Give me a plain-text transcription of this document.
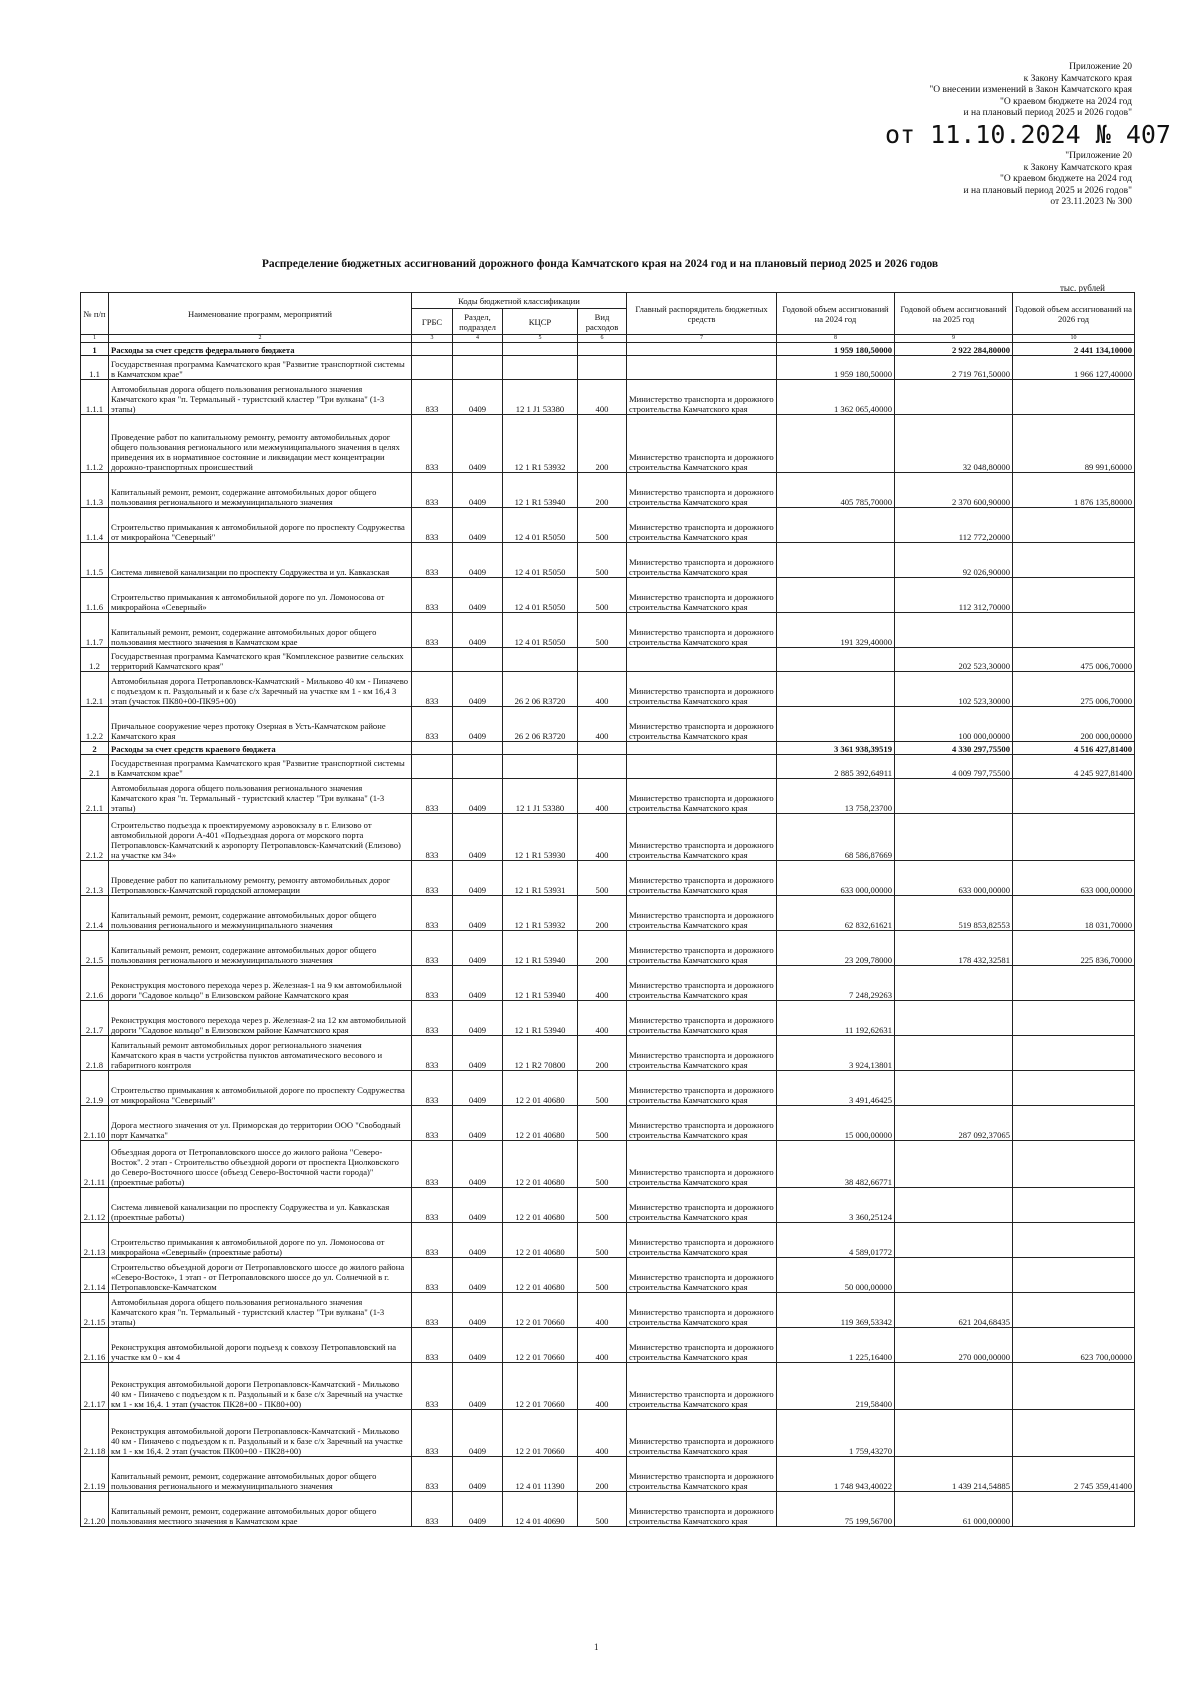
Приложение 20
к Закону Камчатского края
"О внесении изменений в Закон Камчатского края
"О краевом бюджете на 2024 год
и на плановый период 2025 и 2026 годов"
от 11.10.2024 № 407
"Приложение 20
к Закону Камчатского края
"О краевом бюджете на 2024 год
и на плановый период 2025 и 2026 годов"
от 23.11.2023 № 300
Распределение бюджетных ассигнований дорожного фонда Камчатского края на 2024 год и на плановый период 2025 и 2026 годов
тыс. рублей
№ п/п	Наименование программ, мероприятий	Коды бюджетной классификации				Главный распорядитель бюджетных средств	Годовой объем ассигнований на 2024 год	Годовой объем ассигнований на 2025 год	Годовой объем ассигнований на 2026 год
		ГРБС	Раздел, подраздел	КЦСР	Вид расходов				
1	2	3	4	5	6	7	8	9	10
1	Расходы за счет средств федерального бюджета						1 959 180,50000	2 922 284,80000	2 441 134,10000
1.1	Государственная программа Камчатского края "Развитие транспортной системы в Камчатском крае"						1 959 180,50000	2 719 761,50000	1 966 127,40000
1.1.1	Автомобильная дорога общего пользования регионального значения Камчатского края "п. Термальный - туристский кластер "Три вулкана" (1-3 этапы)	833	0409	12 1 J1 53380	400	Министерство транспорта и дорожного строительства Камчатского края	1 362 065,40000		
1.1.2	Проведение работ по капитальному ремонту, ремонту автомобильных дорог общего пользования регионального или межмуниципального значения в целях приведения их в нормативное состояние и ликвидации мест концентрации дорожно-транспортных происшествий	833	0409	12 1 R1 53932	200	Министерство транспорта и дорожного строительства Камчатского края		32 048,80000	89 991,60000
1.1.3	Капитальный ремонт, ремонт, содержание автомобильных дорог общего пользования регионального и межмуниципального значения	833	0409	12 1 R1 53940	200	Министерство транспорта и дорожного строительства Камчатского края	405 785,70000	2 370 600,90000	1 876 135,80000
1.1.4	Строительство примыкания к автомобильной дороге по проспекту Содружества от микрорайона "Северный"	833	0409	12 4 01 R5050	500	Министерство транспорта и дорожного строительства Камчатского края		112 772,20000	
1.1.5	Система ливневой канализации по проспекту Содружества и ул. Кавказская	833	0409	12 4 01 R5050	500	Министерство транспорта и дорожного строительства Камчатского края		92 026,90000	
1.1.6	Строительство примыкания к автомобильной дороге по ул. Ломоносова от микрорайона «Северный»	833	0409	12 4 01 R5050	500	Министерство транспорта и дорожного строительства Камчатского края		112 312,70000	
1.1.7	Капитальный ремонт, ремонт, содержание автомобильных дорог общего пользования местного значения в Камчатском крае	833	0409	12 4 01 R5050	500	Министерство транспорта и дорожного строительства Камчатского края	191 329,40000		
1.2	Государственная программа Камчатского края "Комплексное развитие сельских территорий Камчатского края"							202 523,30000	475 006,70000
1.2.1	Автомобильная дорога Петропавловск-Камчатский - Мильково 40 км - Пиначево с подъездом к п. Раздольный и к базе с/х Заречный на участке км 1 - км 16,4 3 этап (участок ПК80+00-ПК95+00)	833	0409	26 2 06 R3720	400	Министерство транспорта и дорожного строительства Камчатского края		102 523,30000	275 006,70000
1.2.2	Причальное сооружение через протоку Озерная в Усть-Камчатском районе Камчатского края	833	0409	26 2 06 R3720	400	Министерство транспорта и дорожного строительства Камчатского края		100 000,00000	200 000,00000
2	Расходы за счет средств краевого бюджета						3 361 938,39519	4 330 297,75500	4 516 427,81400
2.1	Государственная программа Камчатского края "Развитие транспортной системы в Камчатском крае"						2 885 392,64911	4 009 797,75500	4 245 927,81400
2.1.1	Автомобильная дорога общего пользования регионального значения Камчатского края "п. Термальный - туристский кластер "Три вулкана" (1-3 этапы)	833	0409	12 1 J1 53380	400	Министерство транспорта и дорожного строительства Камчатского края	13 758,23700		
2.1.2	Строительство подъезда к проектируемому аэровокзалу в г. Елизово от автомобильной дороги А-401 «Подъездная дорога от морского порта Петропавловск-Камчатский к аэропорту Петропавловск-Камчатский (Елизово) на участке км 34»	833	0409	12 1 R1 53930	400	Министерство транспорта и дорожного строительства Камчатского края	68 586,87669		
2.1.3	Проведение работ по капитальному ремонту, ремонту автомобильных дорог Петропавловск-Камчатской городской агломерации	833	0409	12 1 R1 53931	500	Министерство транспорта и дорожного строительства Камчатского края	633 000,00000	633 000,00000	633 000,00000
2.1.4	Капитальный ремонт, ремонт, содержание автомобильных дорог общего пользования регионального и межмуниципального значения	833	0409	12 1 R1 53932	200	Министерство транспорта и дорожного строительства Камчатского края	62 832,61621	519 853,82553	18 031,70000
2.1.5	Капитальный ремонт, ремонт, содержание автомобильных дорог общего пользования регионального и межмуниципального значения	833	0409	12 1 R1 53940	200	Министерство транспорта и дорожного строительства Камчатского края	23 209,78000	178 432,32581	225 836,70000
2.1.6	Реконструкция мостового перехода через р. Железная-1 на 9 км автомобильной дороги "Садовое кольцо" в Елизовском районе Камчатского края	833	0409	12 1 R1 53940	400	Министерство транспорта и дорожного строительства Камчатского края	7 248,29263		
2.1.7	Реконструкция мостового перехода через р. Железная-2 на 12 км автомобильной дороги "Садовое кольцо" в Елизовском районе Камчатского края	833	0409	12 1 R1 53940	400	Министерство транспорта и дорожного строительства Камчатского края	11 192,62631		
2.1.8	Капитальный ремонт автомобильных дорог регионального значения Камчатского края в части устройства пунктов автоматического весового и габаритного контроля	833	0409	12 1 R2 70800	200	Министерство транспорта и дорожного строительства Камчатского края	3 924,13801		
2.1.9	Строительство примыкания к автомобильной дороге по проспекту Содружества от микрорайона "Северный"	833	0409	12 2 01 40680	500	Министерство транспорта и дорожного строительства Камчатского края	3 491,46425		
2.1.10	Дорога местного значения от ул. Приморская до территории ООО "Свободный порт Камчатка"	833	0409	12 2 01 40680	500	Министерство транспорта и дорожного строительства Камчатского края	15 000,00000	287 092,37065	
2.1.11	Объездная дорога от Петропавловского шоссе до жилого района "Северо-Восток". 2 этап - Строительство объездной дороги от проспекта Циолковского до Северо-Восточного шоссе (объезд Северо-Восточной части города)" (проектные работы)	833	0409	12 2 01 40680	500	Министерство транспорта и дорожного строительства Камчатского края	38 482,66771		
2.1.12	Система ливневой канализации по проспекту Содружества и ул. Кавказская (проектные работы)	833	0409	12 2 01 40680	500	Министерство транспорта и дорожного строительства Камчатского края	3 360,25124		
2.1.13	Строительство примыкания к автомобильной дороге по ул. Ломоносова от микрорайона «Северный» (проектные работы)	833	0409	12 2 01 40680	500	Министерство транспорта и дорожного строительства Камчатского края	4 589,01772		
2.1.14	Строительство объездной дороги от Петропавловского шоссе до жилого района «Северо-Восток», 1 этап - от Петропавловского шоссе до ул. Солнечной в г. Петропавловске-Камчатском	833	0409	12 2 01 40680	500	Министерство транспорта и дорожного строительства Камчатского края	50 000,00000		
2.1.15	Автомобильная дорога общего пользования регионального значения Камчатского края "п. Термальный - туристский кластер "Три вулкана" (1-3 этапы)	833	0409	12 2 01 70660	400	Министерство транспорта и дорожного строительства Камчатского края	119 369,53342	621 204,68435	
2.1.16	Реконструкция автомобильной дороги подъезд к совхозу Петропавловский на участке км 0 - км 4	833	0409	12 2 01 70660	400	Министерство транспорта и дорожного строительства Камчатского края	1 225,16400	270 000,00000	623 700,00000
2.1.17	Реконструкция автомобильной дороги Петропавловск-Камчатский - Мильково 40 км - Пиначево с подъездом к п. Раздольный и к базе с/х Заречный на участке км 1 - км 16,4. 1 этап (участок ПК28+00 - ПК80+00)	833	0409	12 2 01 70660	400	Министерство транспорта и дорожного строительства Камчатского края	219,58400		
2.1.18	Реконструкция автомобильной дороги Петропавловск-Камчатский - Мильково 40 км - Пиначево с подъездом к п. Раздольный и к базе с/х Заречный на участке км 1 - км 16,4. 2 этап (участок ПК00+00 - ПК28+00)	833	0409	12 2 01 70660	400	Министерство транспорта и дорожного строительства Камчатского края	1 759,43270		
2.1.19	Капитальный ремонт, ремонт, содержание автомобильных дорог общего пользования регионального и межмуниципального значения	833	0409	12 4 01 11390	200	Министерство транспорта и дорожного строительства Камчатского края	1 748 943,40022	1 439 214,54885	2 745 359,41400
2.1.20	Капитальный ремонт, ремонт, содержание автомобильных дорог общего пользования местного значения в Камчатском крае	833	0409	12 4 01 40690	500	Министерство транспорта и дорожного строительства Камчатского края	75 199,56700	61 000,00000	
1
